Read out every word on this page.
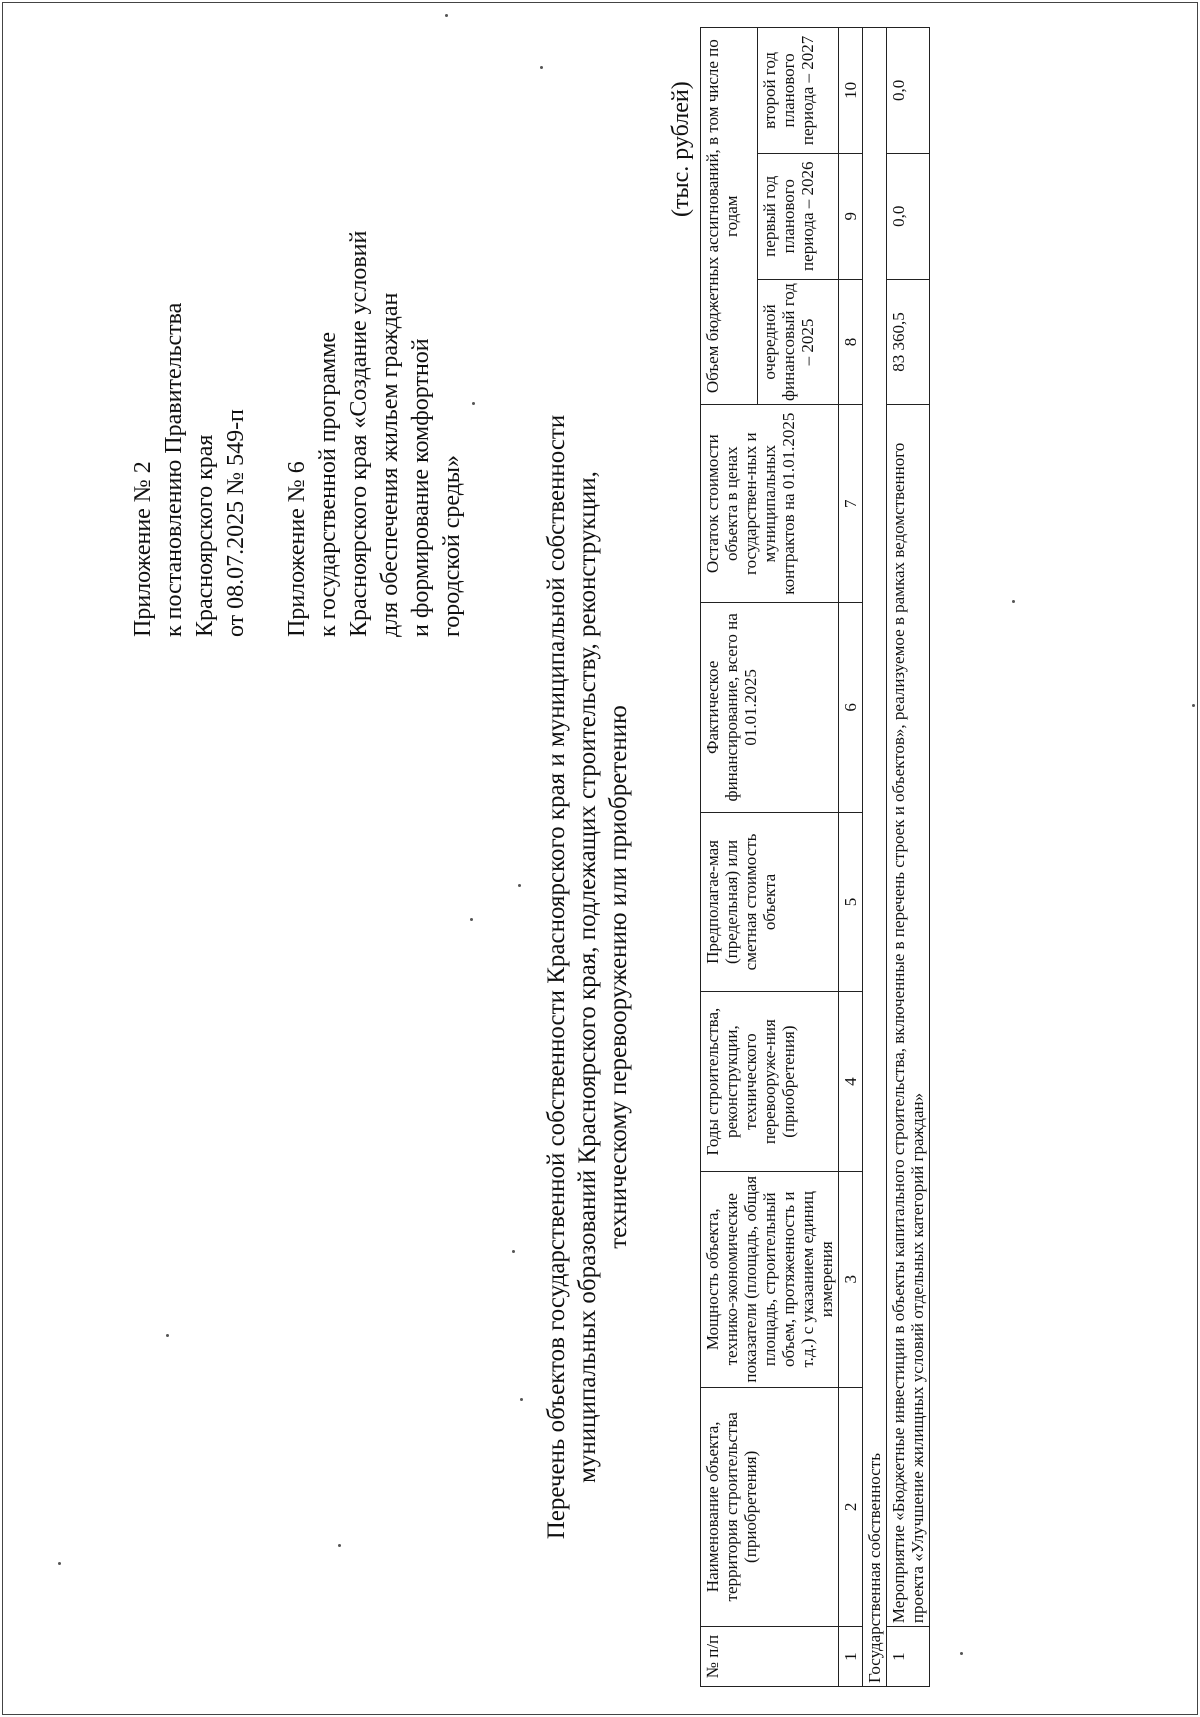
Приложение № 2 к постановлению Правительства Красноярского края от 08.07.2025 № 549-п Приложение № 6 к государственной программе Красноярского края «Создание условий для обеспечения жильем граждан и формирование комфортной городской среды»	Перечень объектов государственной собственности Красноярского края и муниципальной собственности муниципальных образований Красноярского края, подлежащих строительству, реконструкции, техническому перевооружению или приобретению
(тыс. рублей)
№ п/п	Наименование объекта, территория строительства (приобретения)	Мощность объекта, технико-экономические показатели (площадь, общая площадь, строительный объем, протяженность и т.д.) с указанием единиц измерения	Годы строительства, реконструкции, технического перевооруже-ния (приобретения)	Предполагае-мая (предельная) или сметная стоимость объекта	Фактическое финансирование, всего на 01.01.2025	Остаток стоимости объекта в ценах государствен-ных и муниципальных контрактов на 01.01.2025	Объем бюджетных ассигнований, в том числе по годам		
							очередной финансовый год – 2025	первый год планового периода – 2026	второй год планового периода – 2027
1	2	3	4	5	6	7	8	9	10
Государственная собственность									
1	Мероприятие «Бюджетные инвестиции в объекты капитального строительства, включенные в перечень строек и объектов», реализуемое в рамках ведомственного проекта «Улучшение жилищных условий отдельных категорий граждан»						83 360,5	0,0	0,0
